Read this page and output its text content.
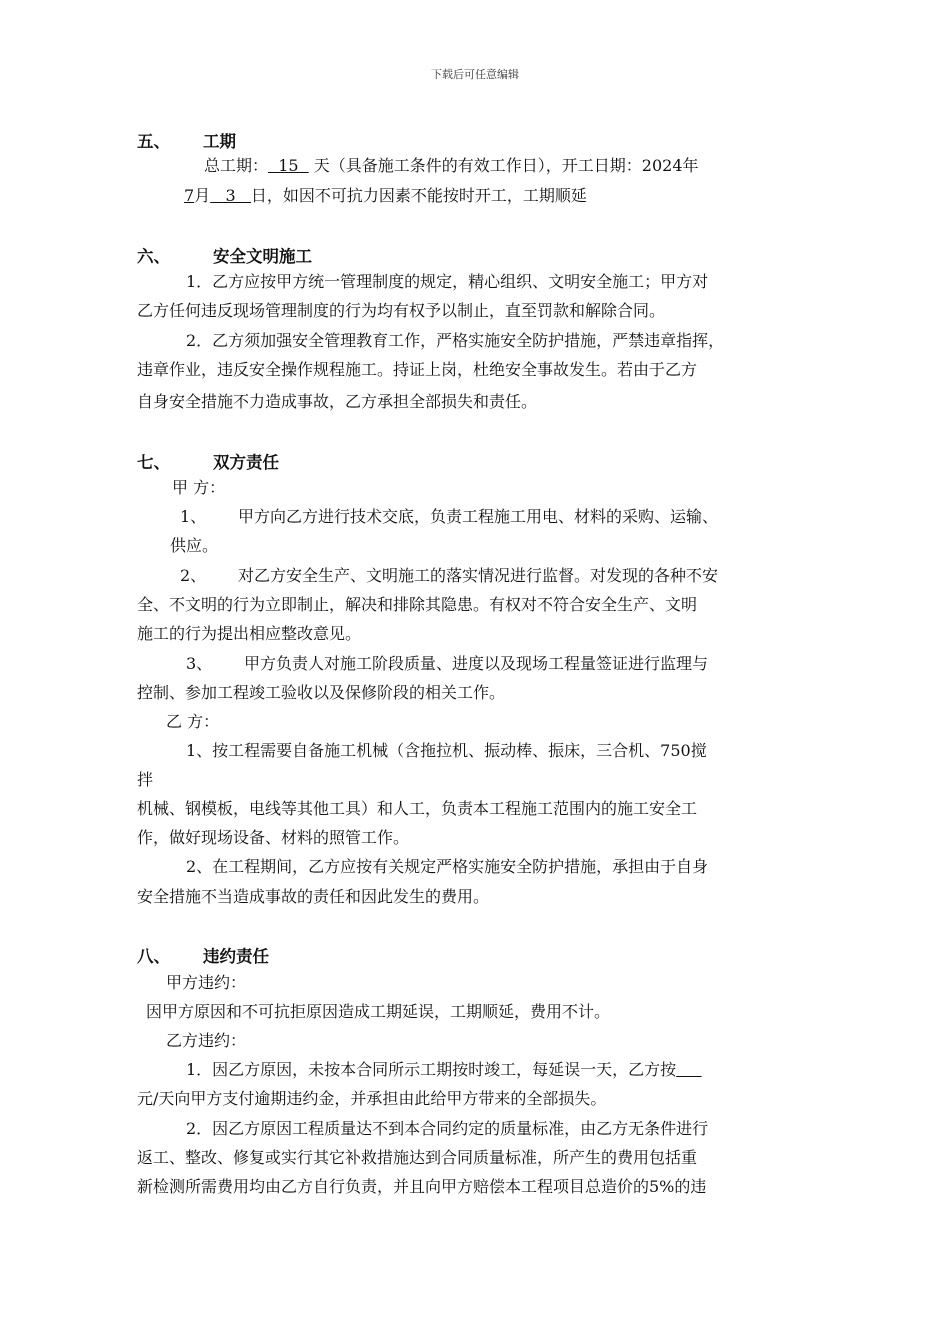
下载后可任意编辑
五、 工期
总工期：  15   天（具备施工条件的有效工作日），开工日期：2024年
7月   3   日，如因不可抗力因素不能按时开工，工期顺延
六、	安全文明施工
1．乙方应按甲方统一管理制度的规定，精心组织、文明安全施工；甲方对
乙方任何违反现场管理制度的行为均有权予以制止，直至罚款和解除合同。
2．乙方须加强安全管理教育工作，严格实施安全防护措施，严禁违章指挥，
违章作业，违反安全操作规程施工。持证上岗，杜绝安全事故发生。若由于乙方
自身安全措施不力造成事故，乙方承担全部损失和责任。
七、	双方责任
甲 方：
1、 甲方向乙方进行技术交底，负责工程施工用电、材料的采购、运输、
供应。
2、 对乙方安全生产、文明施工的落实情况进行监督。对发现的各种不安
全、不文明的行为立即制止，解决和排除其隐患。有权对不符合安全生产、文明
施工的行为提出相应整改意见。
3、 甲方负责人对施工阶段质量、进度以及现场工程量签证进行监理与
控制、参加工程竣工验收以及保修阶段的相关工作。
乙 方：
1、按工程需要自备施工机械（含拖拉机、振动棒、振床，三合机、750搅
拌
机械、钢模板，电线等其他工具）和人工，负责本工程施工范围内的施工安全工
作，做好现场设备、材料的照管工作。
2、在工程期间，乙方应按有关规定严格实施安全防护措施，承担由于自身
安全措施不当造成事故的责任和因此发生的费用。
八、 违约责任
甲方违约：
因甲方原因和不可抗拒原因造成工期延误，工期顺延，费用不计。
乙方违约：
1．因乙方原因，未按本合同所示工期按时竣工，每延误一天，乙方按
元/天向甲方支付逾期违约金，并承担由此给甲方带来的全部损失。
2．因乙方原因工程质量达不到本合同约定的质量标准，由乙方无条件进行
返工、整改、修复或实行其它补救措施达到合同质量标准，所产生的费用包括重
新检测所需费用均由乙方自行负责，并且向甲方赔偿本工程项目总造价的5%的违
